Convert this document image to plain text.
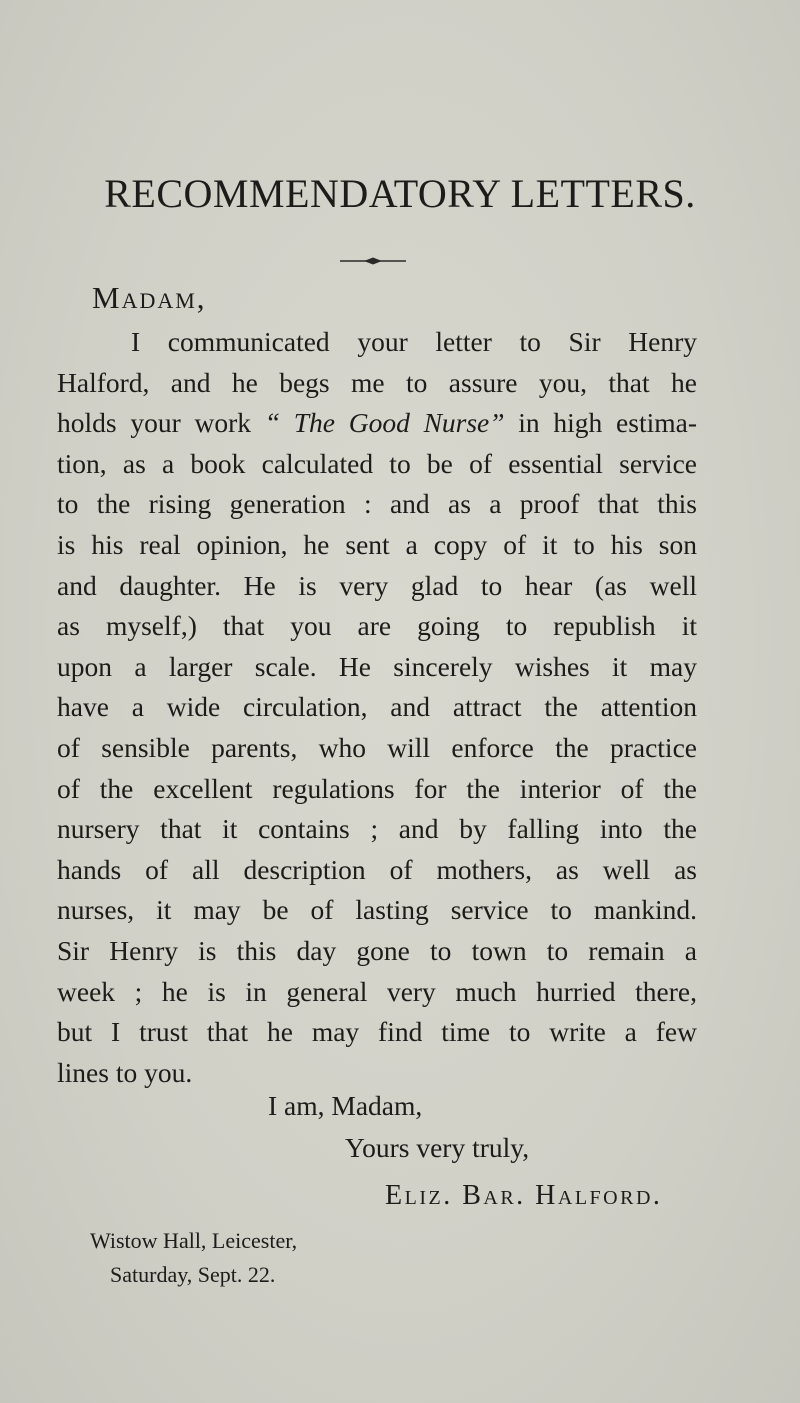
RECOMMENDATORY LETTERS.
Madam,
I communicated your letter to Sir Henry
Halford, and he begs me to assure you, that he
holds your work “ The Good Nurse” in high estima-
tion, as a book calculated to be of essential service
to the rising generation : and as a proof that this
is his real opinion, he sent a copy of it to his son
and daughter. He is very glad to hear (as well
as myself,) that you are going to republish it
upon a larger scale. He sincerely wishes it may
have a wide circulation, and attract the attention
of sensible parents, who will enforce the practice
of the excellent regulations for the interior of the
nursery that it contains ; and by falling into the
hands of all description of mothers, as well as
nurses, it may be of lasting service to mankind.
Sir Henry is this day gone to town to remain a
week ; he is in general very much hurried there,
but I trust that he may find time to write a few
lines to you.
I am, Madam,
Yours very truly,
Eliz. Bar. Halford.
Wistow Hall, Leicester,
Saturday, Sept. 22.
